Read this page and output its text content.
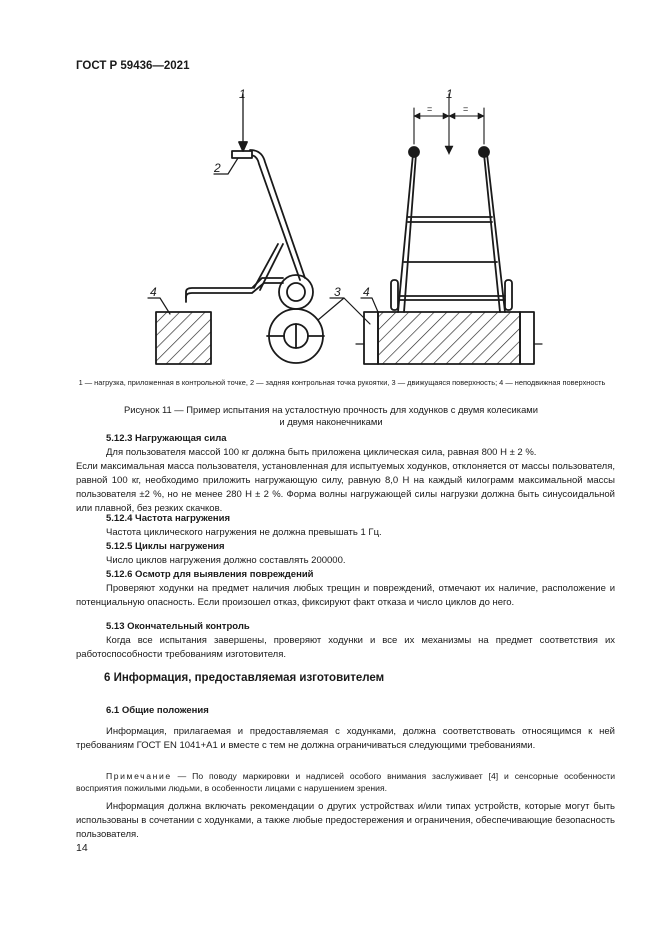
ГОСТ Р 59436—2021
1
2
3
4
1
4
=	=
1 — нагрузка, приложенная в контрольной точке, 2 — задняя контрольная точка рукоятки, 3 — движущаяся поверхность; 4 — неподвижная поверхность
Рисунок 11 — Пример испытания на усталостную прочность для ходунков с двумя колесиками
и двумя наконечниками
5.12.3 Нагружающая сила
Для пользователя массой 100 кг должна быть приложена циклическая сила, равная 800 Н ± 2 %.
Если максимальная масса пользователя, установленная для испытуемых ходунков, отклоняется от массы пользователя, равной 100 кг, необходимо приложить нагружающую силу, равную 8,0 Н на каждый килограмм максимальной массы пользователя ±2 %, но не менее 280 Н ± 2 %. Форма волны нагружающей силы нагрузки должна быть синусоидальной или плавной, без резких скачков.
5.12.4 Частота нагружения
Частота циклического нагружения не должна превышать 1 Гц.
5.12.5 Циклы нагружения
Число циклов нагружения должно составлять 200000.
5.12.6 Осмотр для выявления повреждений
Проверяют ходунки на предмет наличия любых трещин и повреждений, отмечают их наличие, расположение и потенциальную опасность. Если произошел отказ, фиксируют факт отказа и число циклов до него.
5.13 Окончательный контроль
Когда все испытания завершены, проверяют ходунки и все их механизмы на предмет соответствия их работоспособности требованиям изготовителя.
6 Информация, предоставляемая изготовителем
6.1 Общие положения
Информация, прилагаемая и предоставляемая с ходунками, должна соответствовать относящимся к ней требованиям ГОСТ EN 1041+А1 и вместе с тем не должна ограничиваться следующими требованиями.
Примечание — По поводу маркировки и надписей особого внимания заслуживает [4] и сенсорные особенности восприятия пожилыми людьми, в особенности лицами с нарушением зрения.
Информация должна включать рекомендации о других устройствах и/или типах устройств, которые могут быть использованы в сочетании с ходунками, а также любые предостережения и ограничения, обеспечивающие безопасность пользователя.
14
